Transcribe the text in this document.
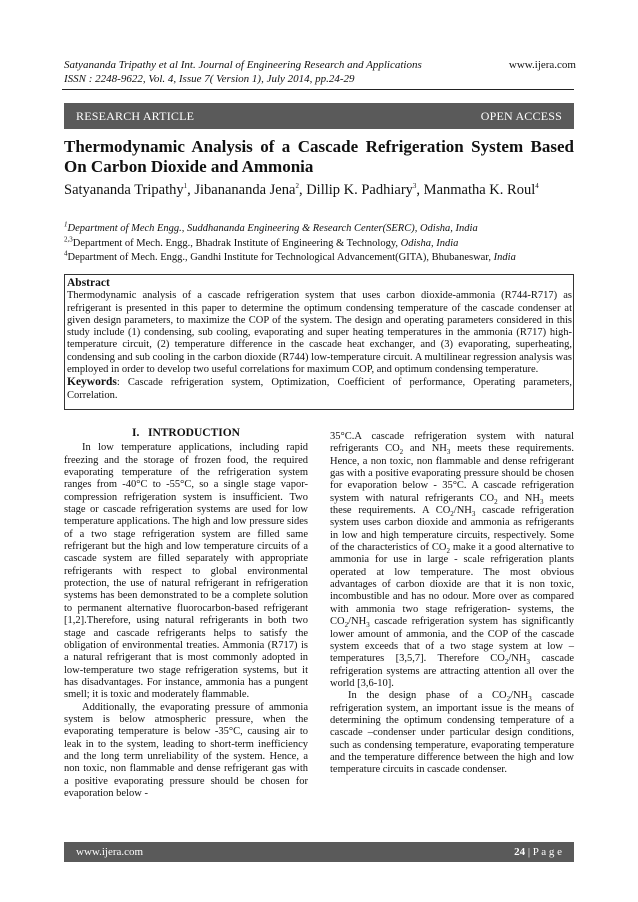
Satyananda Tripathy et al Int. Journal of Engineering Research and Applications	www.ijera.com
ISSN : 2248-9622, Vol. 4, Issue 7( Version 1), July 2014, pp.24-29
RESEARCH ARTICLE	OPEN ACCESS
Thermodynamic Analysis of a Cascade Refrigeration System Based On Carbon Dioxide and Ammonia
Satyananda Tripathy$^1$, Jibanananda Jena$^2$, Dillip K. Padhiary$^3$, Manmatha K. Roul$^4$
$^1$Department of Mech Engg., Suddhananda Engineering & Research Center(SERC), Odisha, India
$^{2,3}$Department of Mech. Engg., Bhadrak Institute of Engineering & Technology, Odisha, India
$^4$Department of Mech. Engg., Gandhi Institute for Technological Advancement(GITA), Bhubaneswar, India
Abstract
Thermodynamic analysis of a cascade refrigeration system that uses carbon dioxide-ammonia (R744-R717) as refrigerant is presented in this paper to determine the optimum condensing temperature of the cascade condenser at given design parameters, to maximize the COP of the system. The design and operating parameters considered in this study include (1) condensing, sub cooling, evaporating and super heating temperatures in the ammonia (R717) high-temperature circuit, (2) temperature difference in the cascade heat exchanger, and (3) evaporating, superheating, condensing and sub cooling in the carbon dioxide (R744) low-temperature circuit. A multilinear regression analysis was employed in order to develop two useful correlations for maximum COP, and optimum condensing temperature.
Keywords: Cascade refrigeration system, Optimization, Coefficient of performance, Operating parameters, Correlation.

I.   INTRODUCTION

In low temperature applications, including rapid freezing and the storage of frozen food, the required evaporating temperature of the refrigeration system ranges from -40°C to -55°C, so a single stage vapor-compression refrigeration system is insufficient. Two stage or cascade refrigeration systems are used for low temperature applications. The high and low pressure sides of a two stage refrigeration system are filled same refrigerant but the high and low temperature circuits of a cascade system are filled separately with appropriate refrigerants with respect to global environmental protection, the use of natural refrigerant in refrigeration systems has been demonstrated to be a complete solution to permanent alternative fluorocarbon-based refrigerant [1,2].Therefore, using natural refrigerants in both two stage and cascade refrigerants helps to satisfy the obligation of environmental treaties. Ammonia (R717) is a natural refrigerant that is most commonly adopted in low-temperature two stage refrigeration systems, but it has disadvantages. For instance, ammonia has a pungent smell; it is toxic and moderately flammable.

Additionally, the evaporating pressure of ammonia system is below atmospheric pressure, when the evaporating temperature is below -35°C, causing air to leak in to the system, leading to short-term inefficiency and the long term unreliability of the system. Hence, a non toxic, non flammable and dense refrigerant gas with a positive evaporating pressure should be chosen for evaporation below -

35°C.A cascade refrigeration system with natural refrigerants $CO_2$ and $NH_3$ meets these requirements. Hence, a non toxic, non flammable and dense refrigerant gas with a positive evaporating pressure should be chosen for evaporation below - 35°C. A cascade refrigeration system with natural refrigerants $CO_2$ and $NH_3$ meets these requirements. A $CO_2/NH_3$ cascade refrigeration system uses carbon dioxide and ammonia as refrigerants in low and high temperature circuits, respectively. Some of the characteristics of $CO_2$ make it a good alternative to ammonia for use in large - scale refrigeration plants operated at low temperature. The most obvious advantages of carbon dioxide are that it is non toxic, incombustible and has no odour. More over as compared with ammonia two stage refrigeration- systems, the $CO_2/NH_3$ cascade refrigeration system has significantly lower amount of ammonia, and the COP of the cascade system exceeds that of a two stage system at low – temperatures [3,5,7]. Therefore $CO_2/NH_3$ cascade refrigeration systems are attracting attention all over the world [3,6-10].

In the design phase of a $CO_2/NH_3$ cascade refrigeration system, an important issue is the means of determining the optimum condensing temperature of a cascade –condenser under particular design conditions, such as condensing temperature, evaporating temperature and the temperature difference between the high and low temperature circuits in cascade condenser.

www.ijera.com	24 | P a g e
